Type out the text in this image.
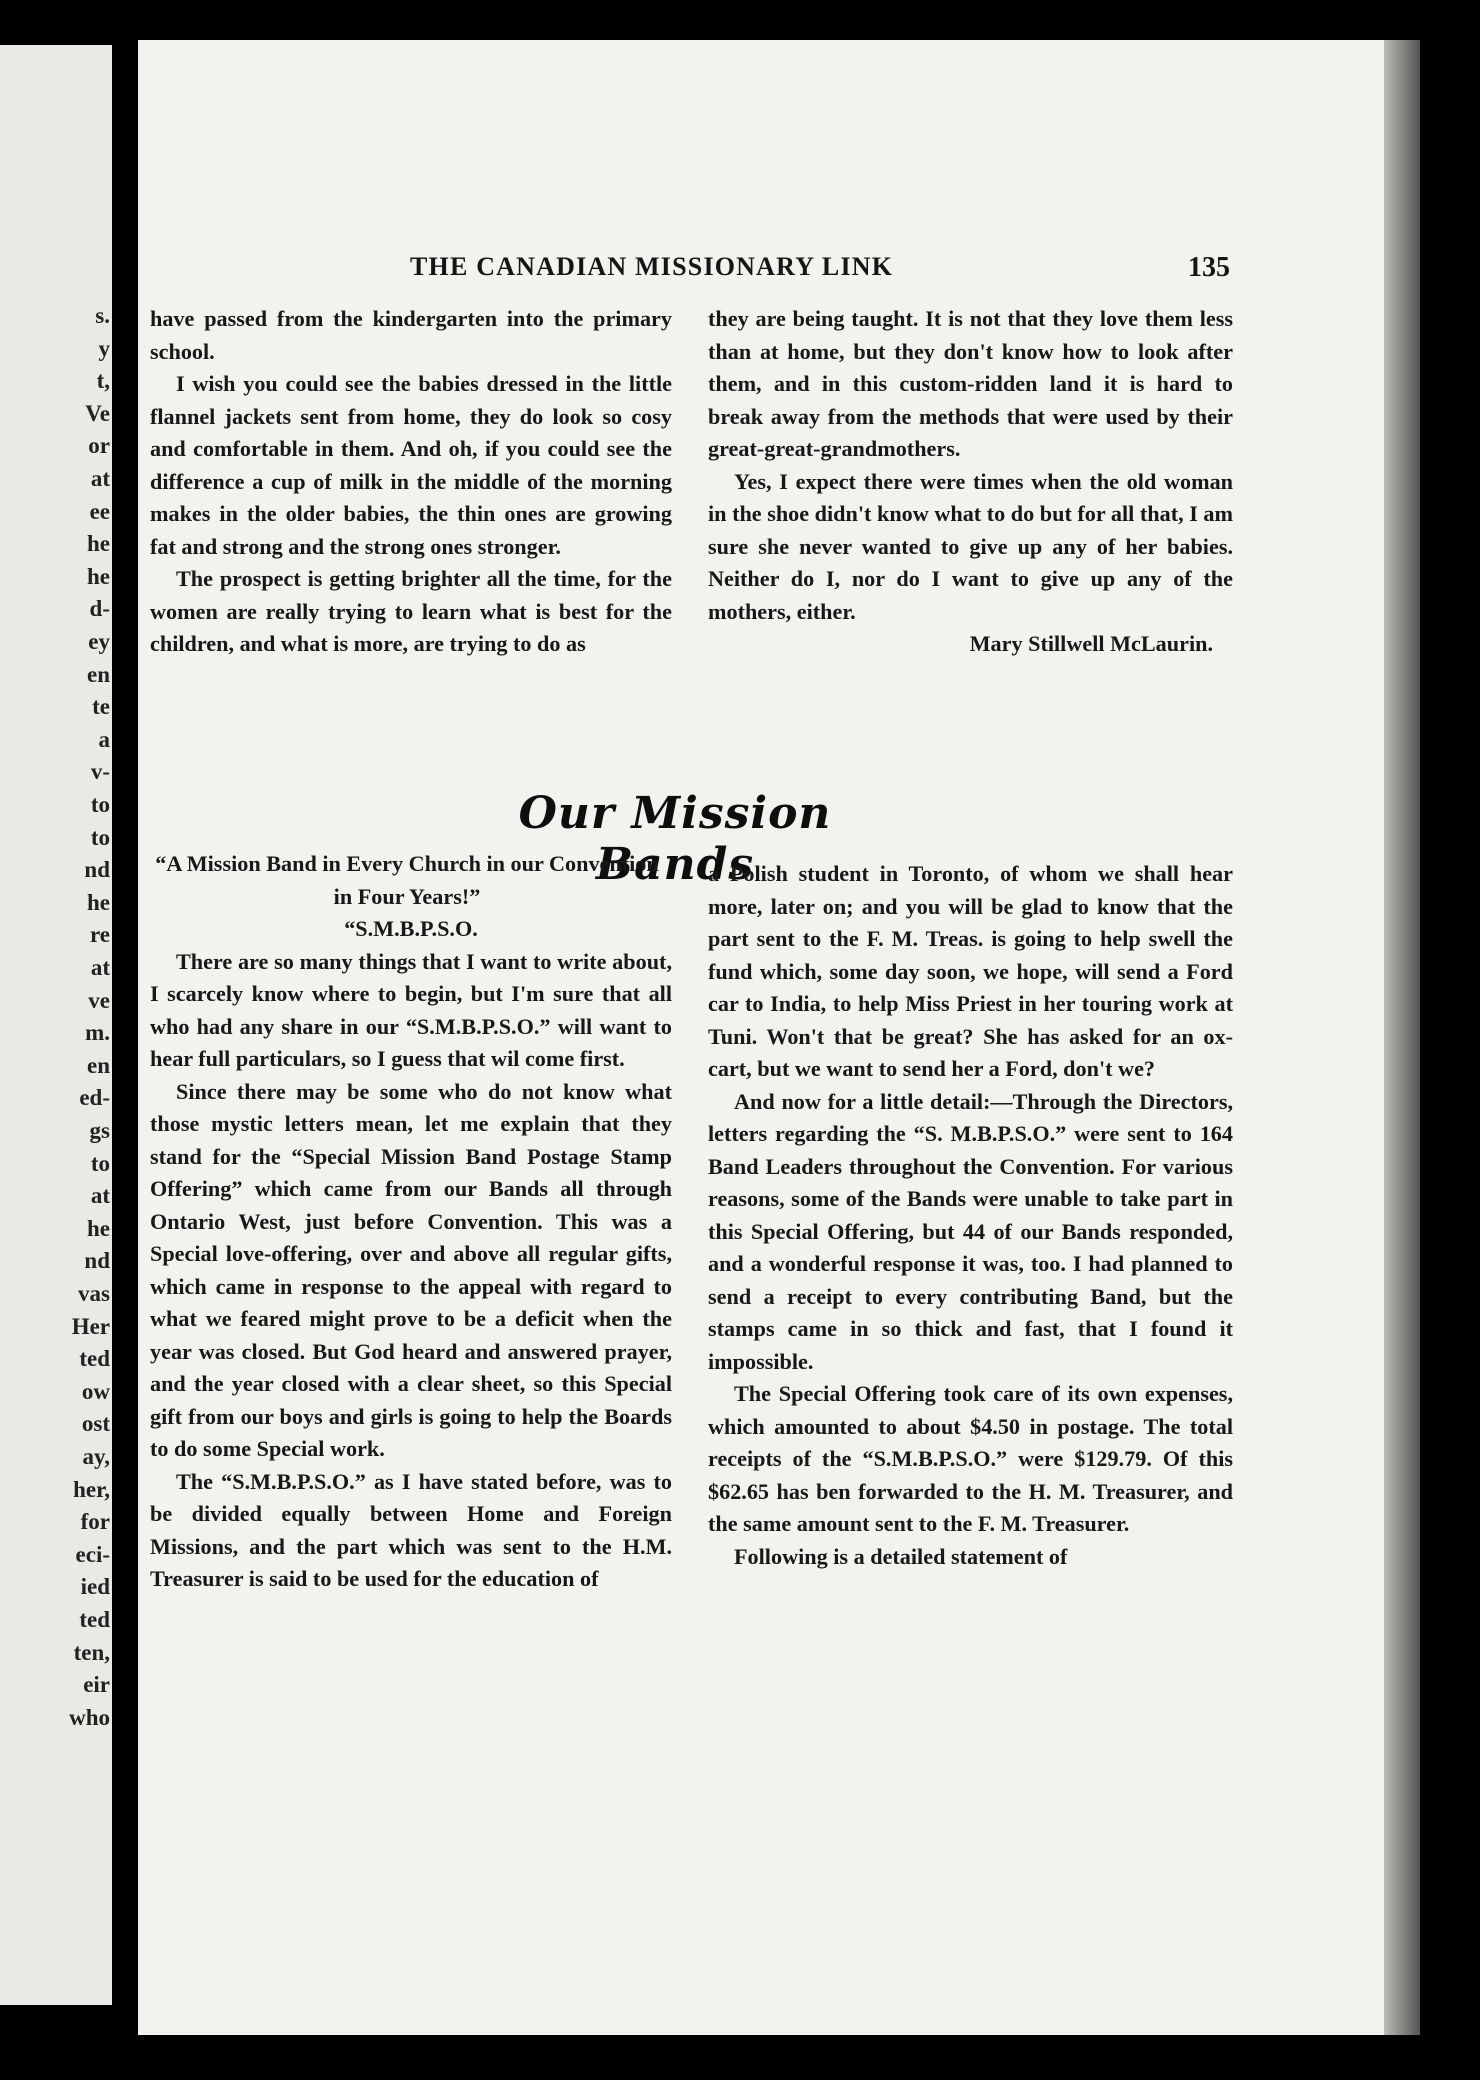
s.
y
t,
Ve
or
at
ee
he
he
d-
ey
en
te
a
v-
to
to
nd
he
re
at
ve
m.
en
ed-
gs
to
at
he
nd
vas
Her
ted
ow
ost
ay,
her,
for
eci-
ied
ted
ten,
eir
who
THE CANADIAN MISSIONARY LINK	135

have passed from the kindergarten into the primary school.

I wish you could see the babies dressed in the little flannel jackets sent from home, they do look so cosy and comfortable in them. And oh, if you could see the difference a cup of milk in the middle of the morning makes in the older babies, the thin ones are growing fat and strong and the strong ones stronger.

The prospect is getting brighter all the time, for the women are really trying to learn what is best for the children, and what is more, are trying to do as

they are being taught. It is not that they love them less than at home, but they don't know how to look after them, and in this custom-ridden land it is hard to break away from the methods that were used by their great-great-grandmothers.

Yes, I expect there were times when the old woman in the shoe didn't know what to do but for all that, I am sure she never wanted to give up any of her babies. Neither do I, nor do I want to give up any of the mothers, either.

Mary Stillwell McLaurin.

Our Mission Bands

“A Mission Band in Every Church in our Convention in Four Years!”

“S.M.B.P.S.O.

There are so many things that I want to write about, I scarcely know where to begin, but I'm sure that all who had any share in our “S.M.B.P.S.O.” will want to hear full particulars, so I guess that wil come first.

Since there may be some who do not know what those mystic letters mean, let me explain that they stand for the “Special Mission Band Postage Stamp Offering” which came from our Bands all through Ontario West, just before Convention. This was a Special love-offering, over and above all regular gifts, which came in response to the appeal with regard to what we feared might prove to be a deficit when the year was closed. But God heard and answered prayer, and the year closed with a clear sheet, so this Special gift from our boys and girls is going to help the Boards to do some Special work.

The “S.M.B.P.S.O.” as I have stated before, was to be divided equally between Home and Foreign Missions, and the part which was sent to the H.M. Treasurer is said to be used for the education of

a Polish student in Toronto, of whom we shall hear more, later on; and you will be glad to know that the part sent to the F. M. Treas. is going to help swell the fund which, some day soon, we hope, will send a Ford car to India, to help Miss Priest in her touring work at Tuni. Won't that be great? She has asked for an ox-cart, but we want to send her a Ford, don't we?

And now for a little detail:—Through the Directors, letters regarding the “S. M.B.P.S.O.” were sent to 164 Band Leaders throughout the Convention. For various reasons, some of the Bands were unable to take part in this Special Offering, but 44 of our Bands responded, and a wonderful response it was, too. I had planned to send a receipt to every contributing Band, but the stamps came in so thick and fast, that I found it impossible.

The Special Offering took care of its own expenses, which amounted to about $4.50 in postage. The total receipts of the “S.M.B.P.S.O.” were $129.79. Of this $62.65 has ben forwarded to the H. M. Treasurer, and the same amount sent to the F. M. Treasurer.

Following is a detailed statement of
